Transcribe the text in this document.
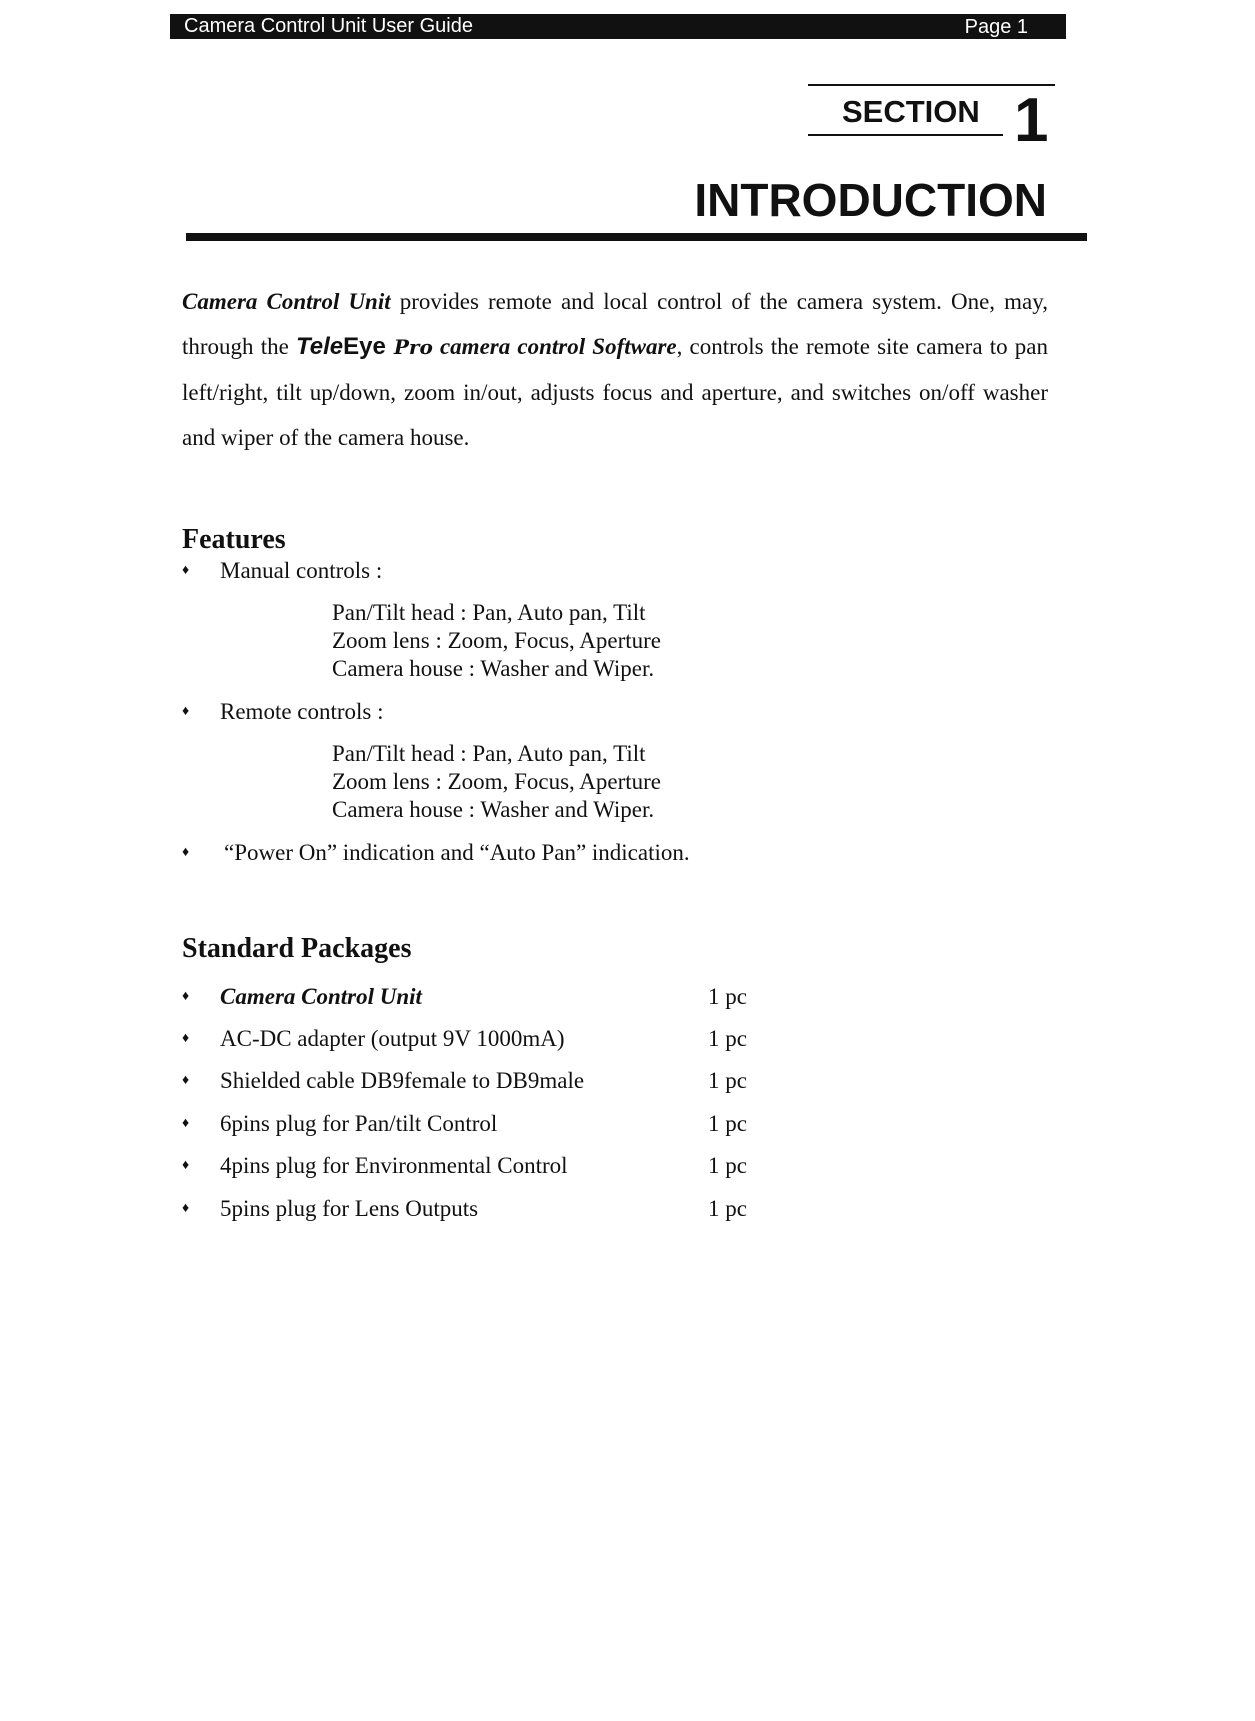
Camera Control Unit User Guide	Page 1
SECTION 1
INTRODUCTION

Camera Control Unit provides remote and local control of the camera system. One, may, through the TeleEye Pro camera control Software, controls the remote site camera to pan left/right, tilt up/down, zoom in/out, adjusts focus and aperture, and switches on/off washer and wiper of the camera house.

Features
♦ Manual controls :
Pan/Tilt head : Pan, Auto pan, Tilt
Zoom lens : Zoom, Focus, Aperture
Camera house : Washer and Wiper.
♦ Remote controls :
Pan/Tilt head : Pan, Auto pan, Tilt
Zoom lens : Zoom, Focus, Aperture
Camera house : Washer and Wiper.
♦ “Power On” indication and “Auto Pan” indication.
Standard Packages
♦ Camera Control Unit	1 pc
♦ AC-DC adapter (output 9V 1000mA)	1 pc
♦ Shielded cable DB9female to DB9male	1 pc
♦ 6pins plug for Pan/tilt Control	1 pc
♦ 4pins plug for Environmental Control	1 pc
♦ 5pins plug for Lens Outputs	1 pc
